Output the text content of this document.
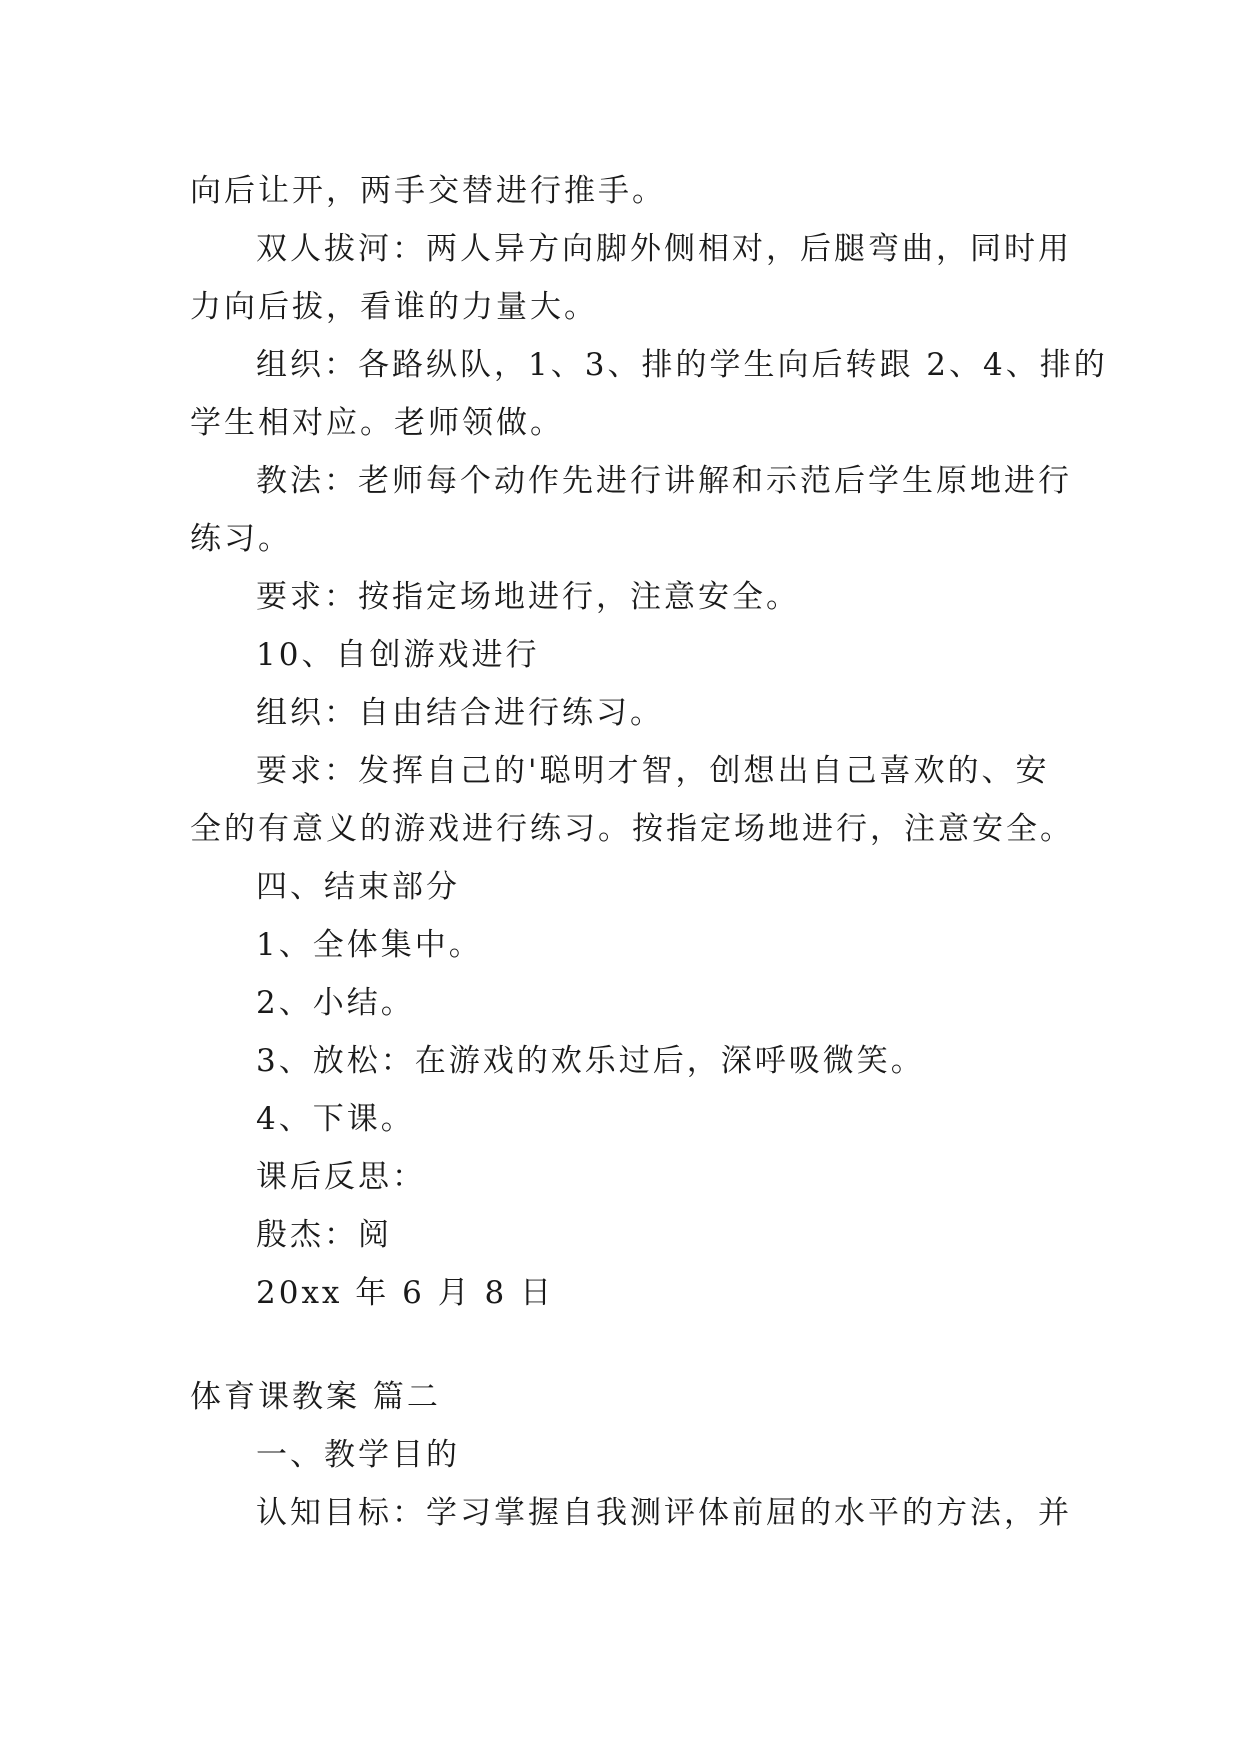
向后让开，两手交替进行推手。
双人拔河：两人异方向脚外侧相对，后腿弯曲，同时用
力向后拔，看谁的力量大。
组织：各路纵队，1、3、排的学生向后转跟 2、4、排的
学生相对应。老师领做。
教法：老师每个动作先进行讲解和示范后学生原地进行
练习。
要求：按指定场地进行，注意安全。
10、自创游戏进行
组织：自由结合进行练习。
要求：发挥自己的'聪明才智，创想出自己喜欢的、安
全的有意义的游戏进行练习。按指定场地进行，注意安全。
四、结束部分
1、全体集中。
2、小结。
3、放松：在游戏的欢乐过后，深呼吸微笑。
4、下课。
课后反思：
殷杰：阅
20xx 年 6 月 8 日
体育课教案 篇二
一、教学目的
认知目标：学习掌握自我测评体前屈的水平的方法，并
